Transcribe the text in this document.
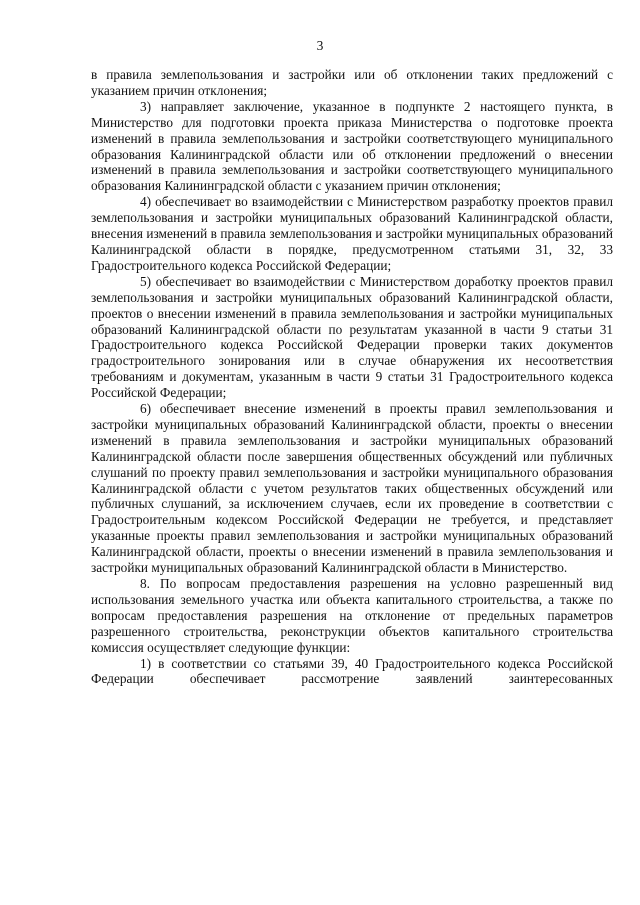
3

в правила землепользования и застройки или об отклонении таких предложений с указанием причин отклонения;

3) направляет заключение, указанное в подпункте 2 настоящего пункта, в Министерство для подготовки проекта приказа Министерства о подготовке проекта изменений в правила землепользования и застройки соответствующего муниципального образования Калининградской области или об отклонении предложений о внесении изменений в правила землепользования и застройки соответствующего муниципального образования Калининградской области с указанием причин отклонения;

4) обеспечивает во взаимодействии с Министерством разработку проектов правил землепользования и застройки муниципальных образований Калининградской области, внесения изменений в правила землепользования и застройки муниципальных образований Калининградской области в порядке, предусмотренном статьями 31, 32, 33 Градостроительного кодекса Российской Федерации;

5) обеспечивает во взаимодействии с Министерством доработку проектов правил землепользования и застройки муниципальных образований Калининградской области, проектов о внесении изменений в правила землепользования и застройки муниципальных образований Калининградской области по результатам указанной в части 9 статьи 31 Градостроительного кодекса Российской Федерации проверки таких документов градостроительного зонирования или в случае обнаружения их несоответствия требованиям и документам, указанным в части 9 статьи 31 Градостроительного кодекса Российской Федерации;

6) обеспечивает внесение изменений в проекты правил землепользования и застройки муниципальных образований Калининградской области, проекты о внесении изменений в правила землепользования и застройки муниципальных образований Калининградской области после завершения общественных обсуждений или публичных слушаний по проекту правил землепользования и застройки муниципального образования Калининградской области с учетом результатов таких общественных обсуждений или публичных слушаний, за исключением случаев, если их проведение в соответствии с Градостроительным кодексом Российской Федерации не требуется, и представляет указанные проекты правил землепользования и застройки муниципальных образований Калининградской области, проекты о внесении изменений в правила землепользования и застройки муниципальных образований Калининградской области в Министерство.

8. По вопросам предоставления разрешения на условно разрешенный вид использования земельного участка или объекта капитального строительства, а также по вопросам предоставления разрешения на отклонение от предельных параметров разрешенного строительства, реконструкции объектов капитального строительства комиссия осуществляет следующие функции:

1) в соответствии со статьями 39, 40 Градостроительного кодекса Российской Федерации обеспечивает рассмотрение заявлений заинтересованных
